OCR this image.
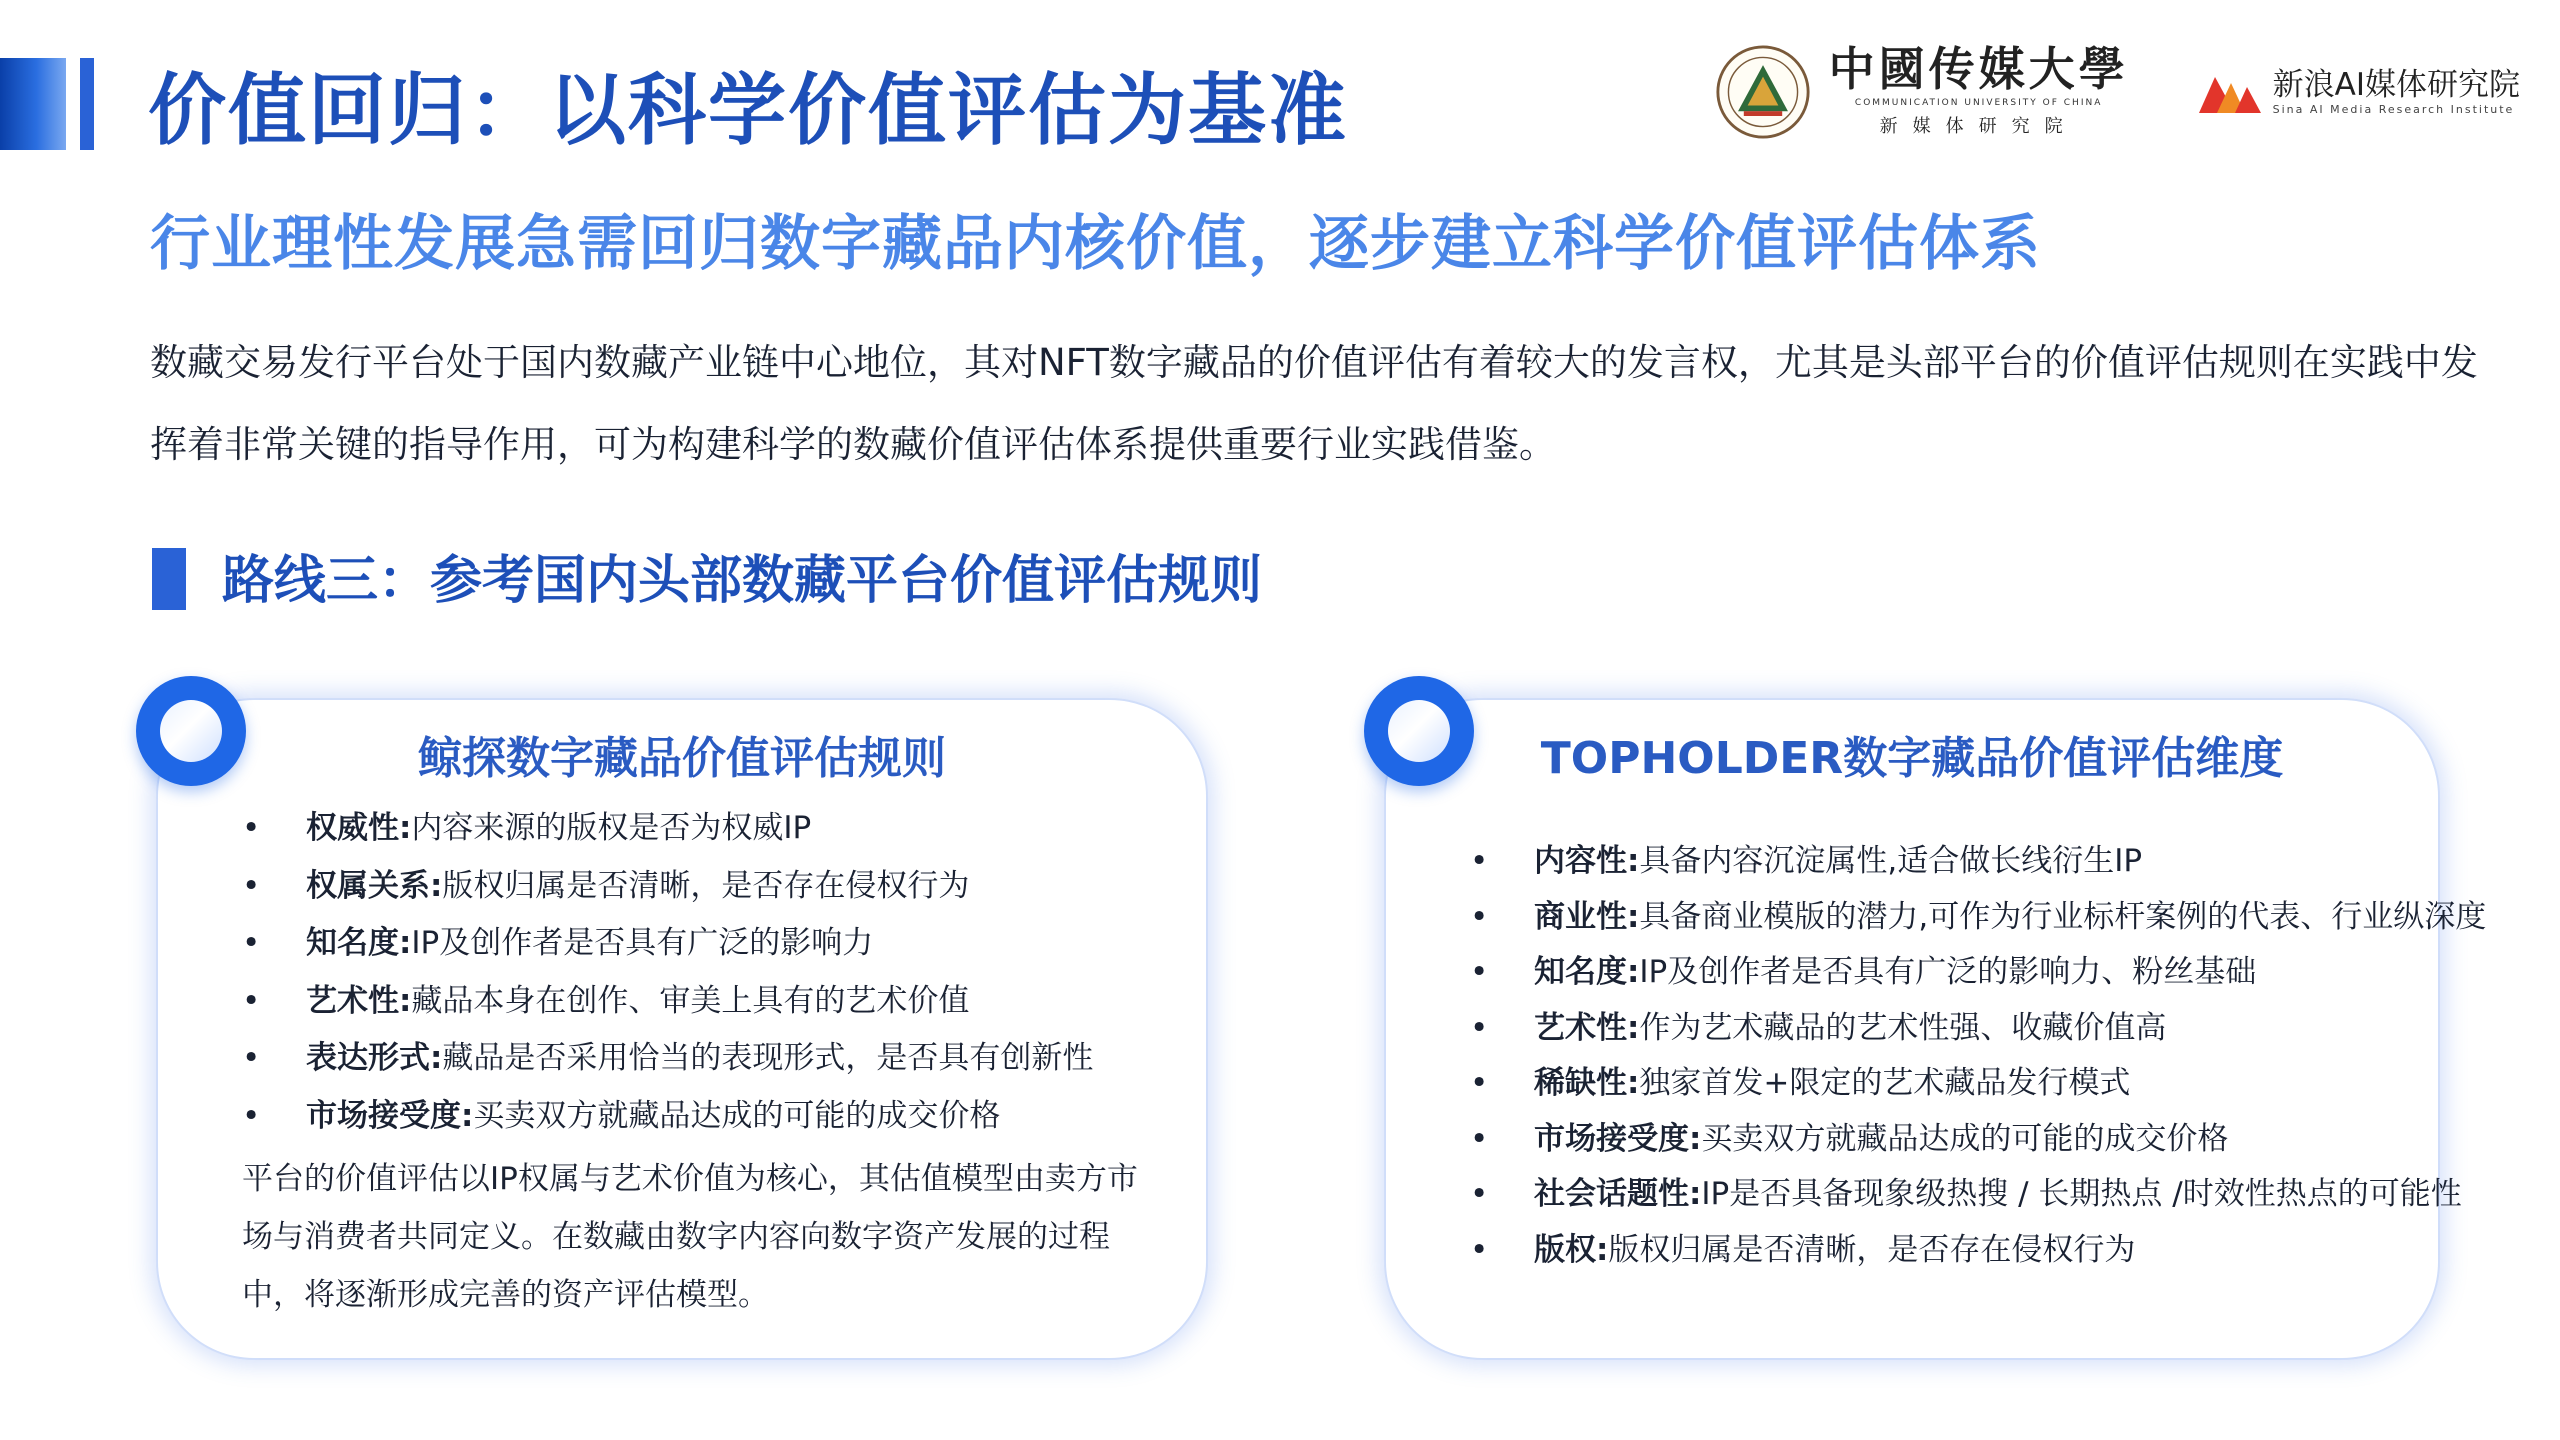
价值回归：以科学价值评估为基准	中國传媒大學
COMMUNICATION UNIVERSITY OF CHINA
新媒体研究院
新浪AI媒体研究院
Sina AI Media Research Institute
行业理性发展急需回归数字藏品内核价值，逐步建立科学价值评估体系
数藏交易发行平台处于国内数藏产业链中心地位，其对NFT数字藏品的价值评估有着较大的发言权，尤其是头部平台的价值评估规则在实践中发挥着非常关键的指导作用，可为构建科学的数藏价值评估体系提供重要行业实践借鉴。
路线三：参考国内头部数藏平台价值评估规则
鲸探数字藏品价值评估规则
• 权威性:内容来源的版权是否为权威IP
• 权属关系:版权归属是否清晰，是否存在侵权行为
• 知名度:IP及创作者是否具有广泛的影响力
• 艺术性:藏品本身在创作、审美上具有的艺术价值
• 表达形式:藏品是否采用恰当的表现形式，是否具有创新性
• 市场接受度:买卖双方就藏品达成的可能的成交价格
平台的价值评估以IP权属与艺术价值为核心，其估值模型由卖方市场与消费者共同定义。在数藏由数字内容向数字资产发展的过程中，将逐渐形成完善的资产评估模型。
TOPHOLDER数字藏品价值评估维度
• 内容性:具备内容沉淀属性,适合做长线衍生IP
• 商业性:具备商业模版的潜力,可作为行业标杆案例的代表、行业纵深度
• 知名度:IP及创作者是否具有广泛的影响力、粉丝基础
• 艺术性:作为艺术藏品的艺术性强、收藏价值高
• 稀缺性:独家首发+限定的艺术藏品发行模式
• 市场接受度:买卖双方就藏品达成的可能的成交价格
• 社会话题性:IP是否具备现象级热搜 / 长期热点 /时效性热点的可能性
• 版权:版权归属是否清晰，是否存在侵权行为
